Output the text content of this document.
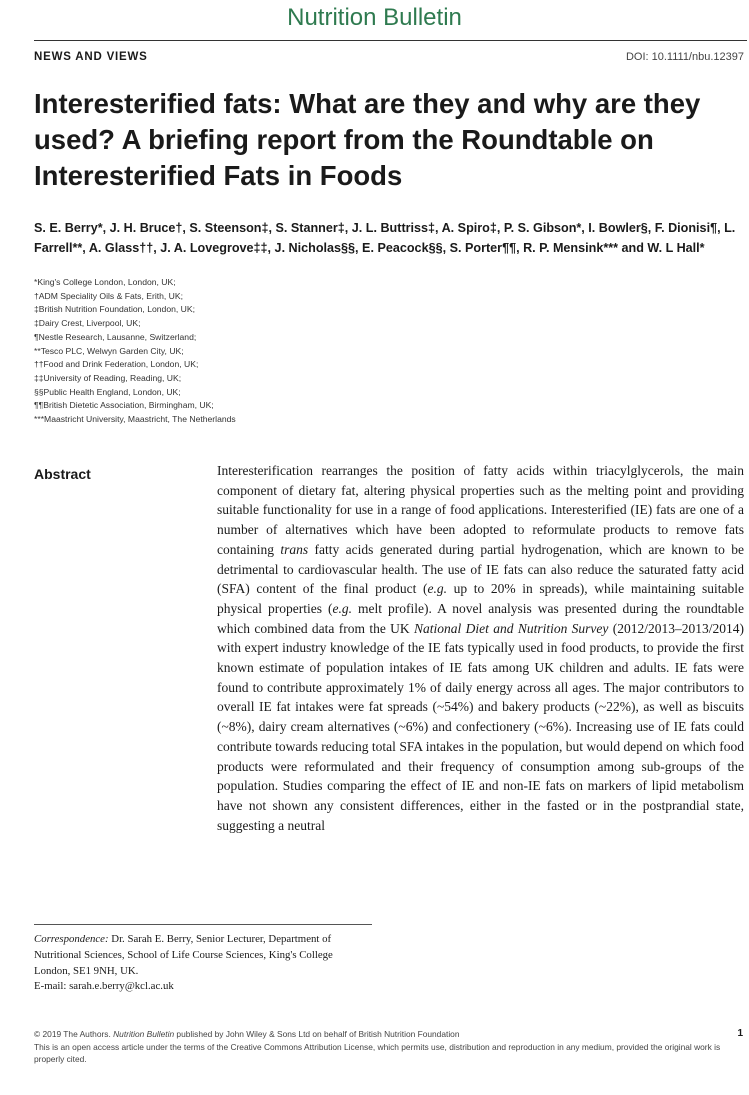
Nutrition Bulletin
NEWS AND VIEWS	DOI: 10.1111/nbu.12397
Interesterified fats: What are they and why are they used? A briefing report from the Roundtable on Interesterified Fats in Foods
S. E. Berry*, J. H. Bruce†, S. Steenson‡, S. Stanner‡, J. L. Buttriss‡, A. Spiro‡, P. S. Gibson*, I. Bowler§, F. Dionisi¶, L. Farrell**, A. Glass††, J. A. Lovegrove‡‡, J. Nicholas§§, E. Peacock§§, S. Porter¶¶, R. P. Mensink*** and W. L Hall*
*King's College London, London, UK;
†ADM Speciality Oils & Fats, Erith, UK;
‡British Nutrition Foundation, London, UK;
‡Dairy Crest, Liverpool, UK;
¶Nestle Research, Lausanne, Switzerland;
**Tesco PLC, Welwyn Garden City, UK;
††Food and Drink Federation, London, UK;
‡‡University of Reading, Reading, UK;
§§Public Health England, London, UK;
¶¶British Dietetic Association, Birmingham, UK;
***Maastricht University, Maastricht, The Netherlands
Abstract	Interesterification rearranges the position of fatty acids within triacylglycerols, the main component of dietary fat, altering physical properties such as the melting point and providing suitable functionality for use in a range of food applications. Interesterified (IE) fats are one of a number of alternatives which have been adopted to reformulate products to remove fats containing trans fatty acids generated during partial hydrogenation, which are known to be detrimental to cardiovascular health. The use of IE fats can also reduce the saturated fatty acid (SFA) content of the final product (e.g. up to 20% in spreads), while maintaining suitable physical properties (e.g. melt profile). A novel analysis was presented during the roundtable which combined data from the UK National Diet and Nutrition Survey (2012/2013–2013/2014) with expert industry knowledge of the IE fats typically used in food products, to provide the first known estimate of population intakes of IE fats among UK children and adults. IE fats were found to contribute approximately 1% of daily energy across all ages. The major contributors to overall IE fat intakes were fat spreads (~54%) and bakery products (~22%), as well as biscuits (~8%), dairy cream alternatives (~6%) and confectionery (~6%). Increasing use of IE fats could contribute towards reducing total SFA intakes in the population, but would depend on which food products were reformulated and their frequency of consumption among sub-groups of the population. Studies comparing the effect of IE and non-IE fats on markers of lipid metabolism have not shown any consistent differences, either in the fasted or in the postprandial state, suggesting a neutral
Correspondence: Dr. Sarah E. Berry, Senior Lecturer, Department of
Nutritional Sciences, School of Life Course Sciences, King's College
London, SE1 9NH, UK.
E-mail: sarah.e.berry@kcl.ac.uk
© 2019 The Authors. Nutrition Bulletin published by John Wiley & Sons Ltd on behalf of British Nutrition Foundation
This is an open access article under the terms of the Creative Commons Attribution License, which permits use, distribution and reproduction in any medium, provided the original work is properly cited.
1
